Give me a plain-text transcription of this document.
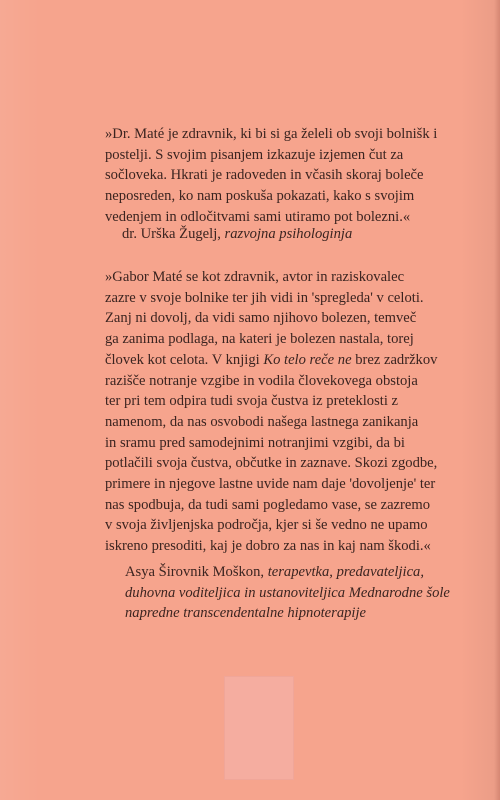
»Dr. Maté je zdravnik, ki bi si ga želeli ob svoji bolnišk i
postelji. S svojim pisanjem izkazuje izjemen čut za
sočloveka. Hkrati je radoveden in včasih skoraj boleče
neposreden, ko nam poskuša pokazati, kako s svojim
vedenjem in odločitvami sami utiramo pot bolezni.«

dr. Urška Žugelj, razvojna psihologinja

»Gabor Maté se kot zdravnik, avtor in raziskovalec
zazre v svoje bolnike ter jih vidi in 'spregleda' v celoti.
Zanj ni dovolj, da vidi samo njihovo bolezen, temveč
ga zanima podlaga, na kateri je bolezen nastala, torej
človek kot celota. V knjigi Ko telo reče ne brez zadržkov
razišče notranje vzgibe in vodila človekovega obstoja
ter pri tem odpira tudi svoja čustva iz preteklosti z
namenom, da nas osvobodi našega lastnega zanikanja
in sramu pred samodejnimi notranjimi vzgibi, da bi
potlačili svoja čustva, občutke in zaznave. Skozi zgodbe,
primere in njegove lastne uvide nam daje 'dovoljenje' ter
nas spodbuja, da tudi sami pogledamo vase, se zazremo
v svoja življenjska področja, kjer si še vedno ne upamo
iskreno presoditi, kaj je dobro za nas in kaj nam škodi.«

Asya Širovnik Moškon, terapevtka, predavateljica,
duhovna voditeljica in ustanoviteljica Mednarodne šole
napredne transcendentalne hipnoterapije
